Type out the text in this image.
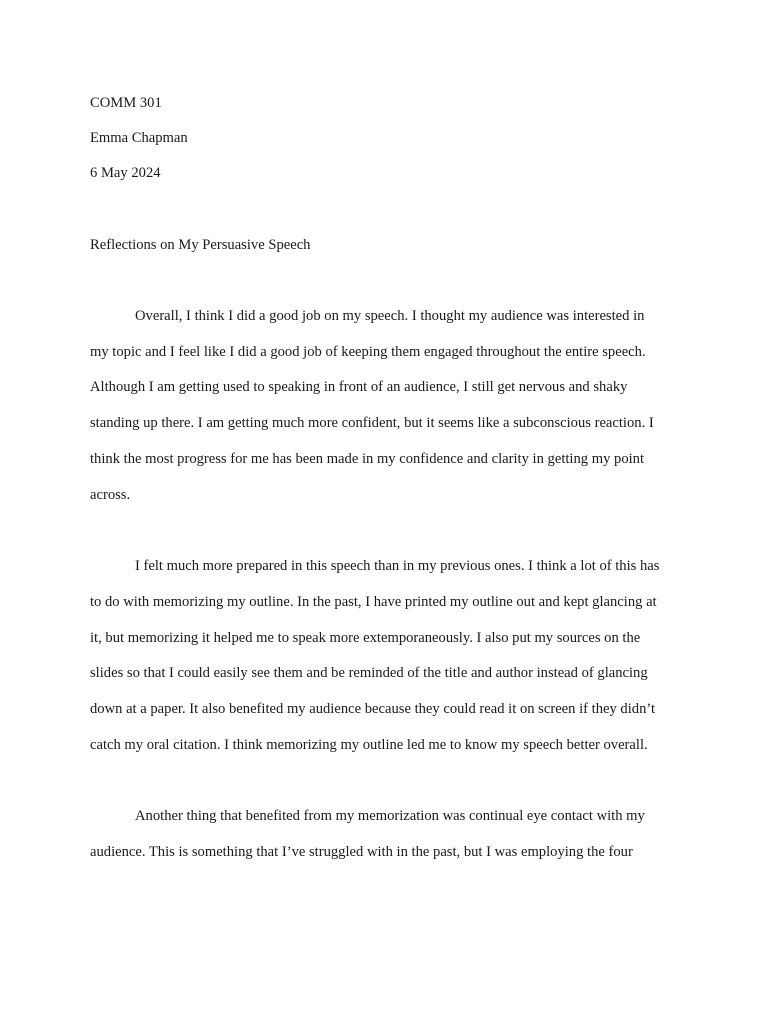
COMM 301
Emma Chapman
6 May 2024
Reflections on My Persuasive Speech
Overall, I think I did a good job on my speech. I thought my audience was interested in
my topic and I feel like I did a good job of keeping them engaged throughout the entire speech.
Although I am getting used to speaking in front of an audience, I still get nervous and shaky
standing up there. I am getting much more confident, but it seems like a subconscious reaction. I
think the most progress for me has been made in my confidence and clarity in getting my point
across.
I felt much more prepared in this speech than in my previous ones. I think a lot of this has
to do with memorizing my outline. In the past, I have printed my outline out and kept glancing at
it, but memorizing it helped me to speak more extemporaneously. I also put my sources on the
slides so that I could easily see them and be reminded of the title and author instead of glancing
down at a paper. It also benefited my audience because they could read it on screen if they didn’t
catch my oral citation. I think memorizing my outline led me to know my speech better overall.
Another thing that benefited from my memorization was continual eye contact with my
audience. This is something that I’ve struggled with in the past, but I was employing the four
